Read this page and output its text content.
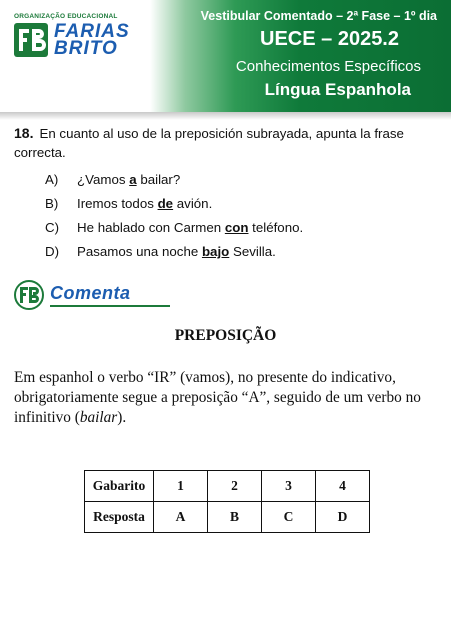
ORGANIZAÇÃO EDUCACIONAL
FARIAS
BRITO
Vestibular Comentado – 2ª Fase – 1º dia
UECE – 2025.2
Conhecimentos Específicos
Língua Espanhola
18. En cuanto al uso de la preposición subrayada, apunta la frase correcta.
A) ¿Vamos a bailar?
B) Iremos todos de avión.
C) He hablado con Carmen con teléfono.
D) Pasamos una noche bajo Sevilla.
Comenta
PREPOSIÇÃO
Em espanhol o verbo “IR” (vamos), no presente do indicativo, obrigatoriamente segue a preposição “A”, seguido de um verbo no infinitivo (bailar).
Gabarito	1	2	3	4
Resposta	A	B	C	D
